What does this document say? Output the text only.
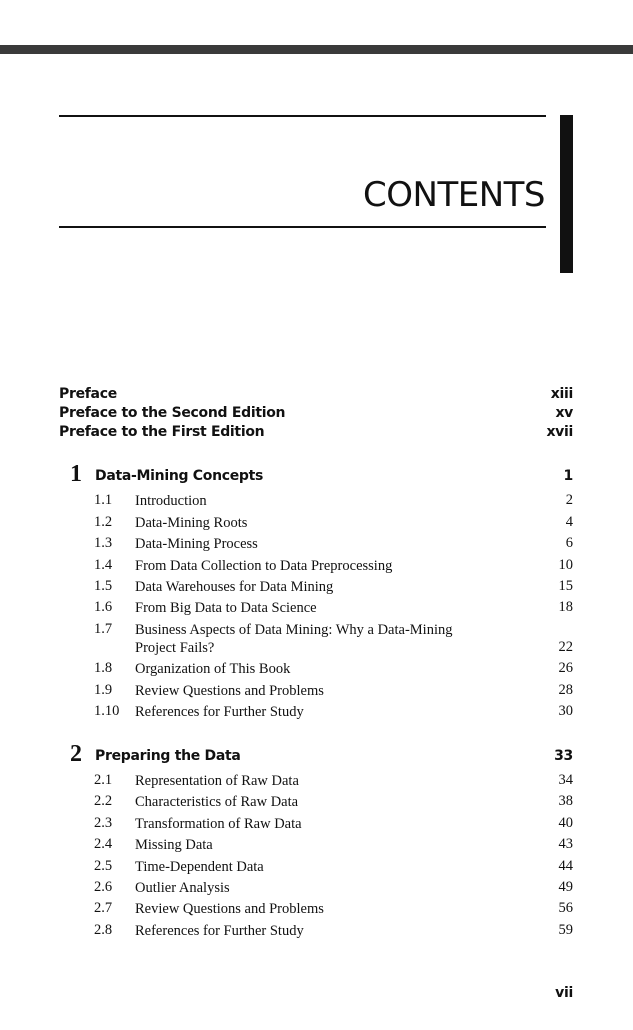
CONTENTS
Preface	xiii
Preface to the Second Edition	xv
Preface to the First Edition	xvii
1 Data-Mining Concepts	1
1.1 Introduction	2
1.2 Data-Mining Roots	4
1.3 Data-Mining Process	6
1.4 From Data Collection to Data Preprocessing	10
1.5 Data Warehouses for Data Mining	15
1.6 From Big Data to Data Science	18
1.7 Business Aspects of Data Mining: Why a Data-Mining Project Fails?	22
1.8 Organization of This Book	26
1.9 Review Questions and Problems	28
1.10 References for Further Study	30
2 Preparing the Data	33
2.1 Representation of Raw Data	34
2.2 Characteristics of Raw Data	38
2.3 Transformation of Raw Data	40
2.4 Missing Data	43
2.5 Time-Dependent Data	44
2.6 Outlier Analysis	49
2.7 Review Questions and Problems	56
2.8 References for Further Study	59
vii
